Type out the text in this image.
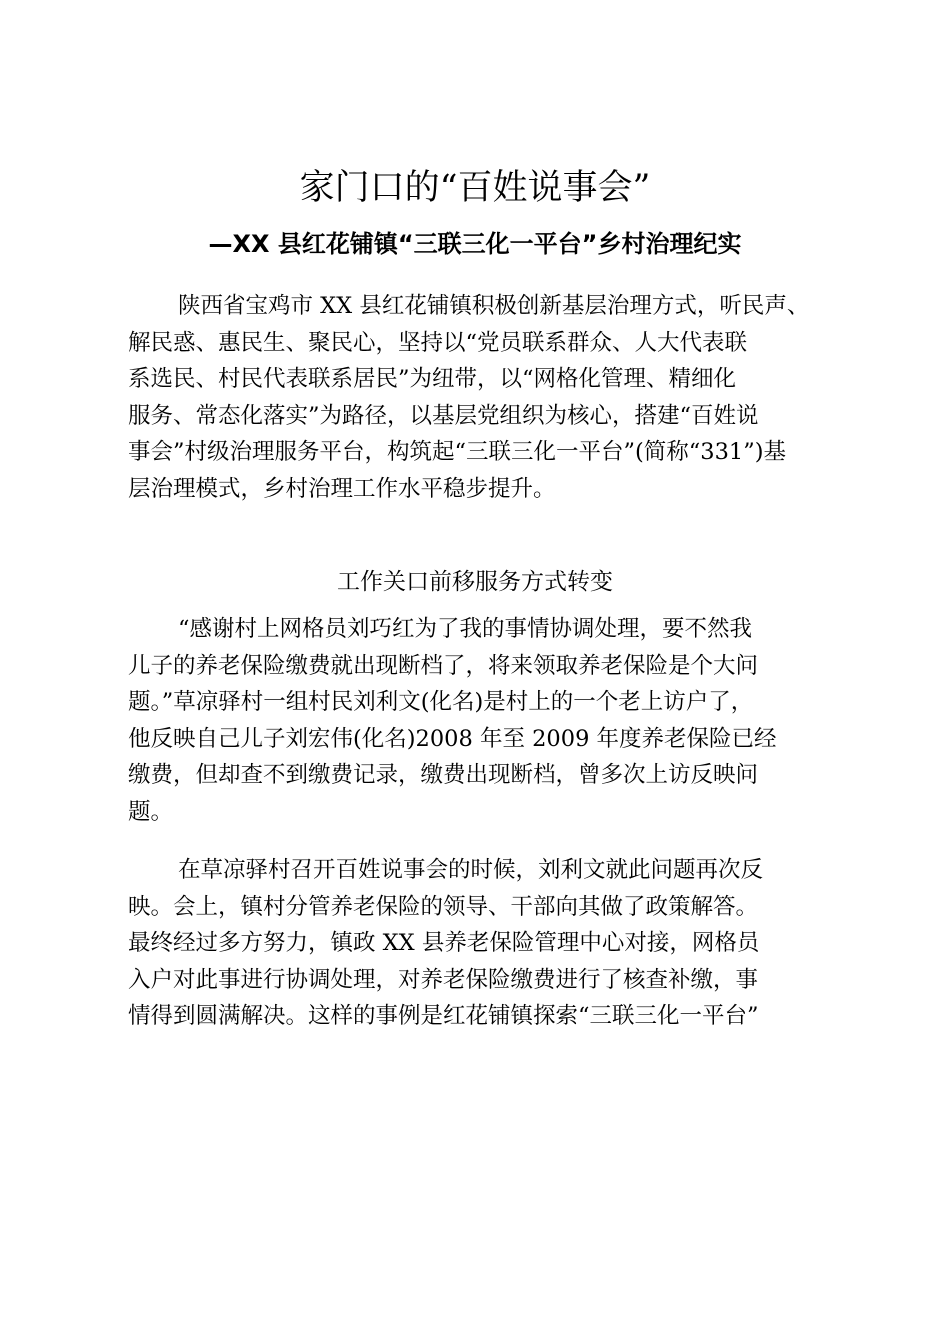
家门口的“百姓说事会”
—XX 县红花铺镇“三联三化一平台”乡村治理纪实
陕西省宝鸡市 XX 县红花铺镇积极创新基层治理方式，听民声、
解民惑、惠民生、聚民心，坚持以“党员联系群众、人大代表联
系选民、村民代表联系居民”为纽带，以“网格化管理、精细化
服务、常态化落实”为路径，以基层党组织为核心，搭建“百姓说
事会”村级治理服务平台，构筑起“三联三化一平台”(简称“331”)基
层治理模式，乡村治理工作水平稳步提升。
工作关口前移服务方式转变
“感谢村上网格员刘巧红为了我的事情协调处理，要不然我
儿子的养老保险缴费就出现断档了，将来领取养老保险是个大问
题。”草凉驿村一组村民刘利文(化名)是村上的一个老上访户了，
他反映自己儿子刘宏伟(化名)2008 年至 2009 年度养老保险已经
缴费，但却查不到缴费记录，缴费出现断档，曾多次上访反映问
题。
在草凉驿村召开百姓说事会的时候，刘利文就此问题再次反
映。会上，镇村分管养老保险的领导、干部向其做了政策解答。
最终经过多方努力，镇政 XX 县养老保险管理中心对接，网格员
入户对此事进行协调处理，对养老保险缴费进行了核查补缴，事
情得到圆满解决。这样的事例是红花铺镇探索“三联三化一平台”
